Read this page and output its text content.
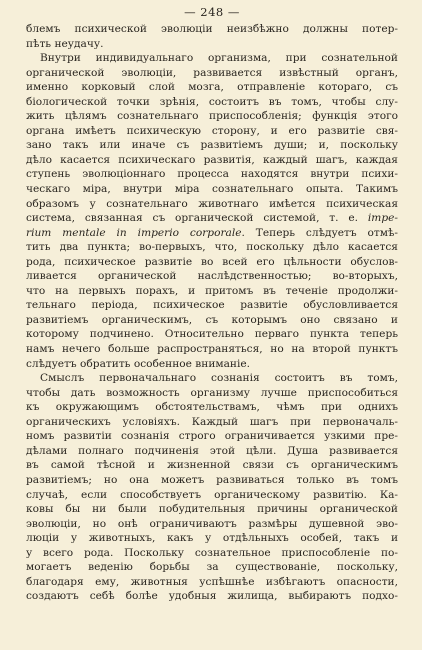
— 248 —
блемъ психической эволюціи неизбѣжно должны потер-
пѣть неудачу.
Внутри индивидуальнаго организма, при сознательной
органической эволюціи, развивается извѣстный органъ,
именно корковый слой мозга, отправленіе котораго, съ
біологической точки зрѣнія, состоитъ въ томъ, чтобы слу-
жить цѣлямъ сознательнаго приспособленія; функція этого
органа имѣетъ психическую сторону, и его развитіе свя-
зано такъ или иначе съ развитіемъ души; и, поскольку
дѣло касается психическаго развитія, каждый шагъ, каждая
ступень эволюціоннаго процесса находятся внутри психи-
ческаго міра, внутри міра сознательнаго опыта. Такимъ
образомъ у сознательнаго животнаго имѣется психическая
система, связанная съ органической системой, т. е. impe-
rium mentale in imperio corporale. Теперь слѣдуетъ отмѣ-
тить два пункта; во-первыхъ, что, поскольку дѣло касается
рода, психическое развитіе во всей его цѣльности обуслов-
ливается органической наслѣдственностью; во-вторыхъ,
что на первыхъ порахъ, и притомъ въ теченіе продолжи-
тельнаго періода, психическое развитіе обусловливается
развитіемъ органическимъ, съ которымъ оно связано и
которому подчинено. Относительно перваго пункта теперь
намъ нечего больше распространяться, но на второй пунктъ
слѣдуетъ обратить особенное вниманіе.
Смыслъ первоначальнаго сознанія состоитъ въ томъ,
чтобы дать возможность организму лучше приспособиться
къ окружающимъ обстоятельствамъ, чѣмъ при однихъ
органическихъ условіяхъ. Каждый шагъ при первоначаль-
номъ развитіи сознанія строго ограничивается узкими пре-
дѣлами полнаго подчиненія этой цѣли. Душа развивается
въ самой тѣсной и жизненной связи съ органическимъ
развитіемъ; но она можетъ развиваться только въ томъ
случаѣ, если способствуетъ органическому развитію. Ка-
ковы бы ни были побудительныя причины органической
эволюціи, но онѣ ограничиваютъ размѣры душевной эво-
люціи у животныхъ, какъ у отдѣльныхъ особей, такъ и
у всего рода. Поскольку сознательное приспособленіе по-
могаетъ веденію борьбы за существованіе, поскольку,
благодаря ему, животныя успѣшнѣе избѣгаютъ опасности,
создаютъ себѣ болѣе удобныя жилища, выбираютъ подхо-
